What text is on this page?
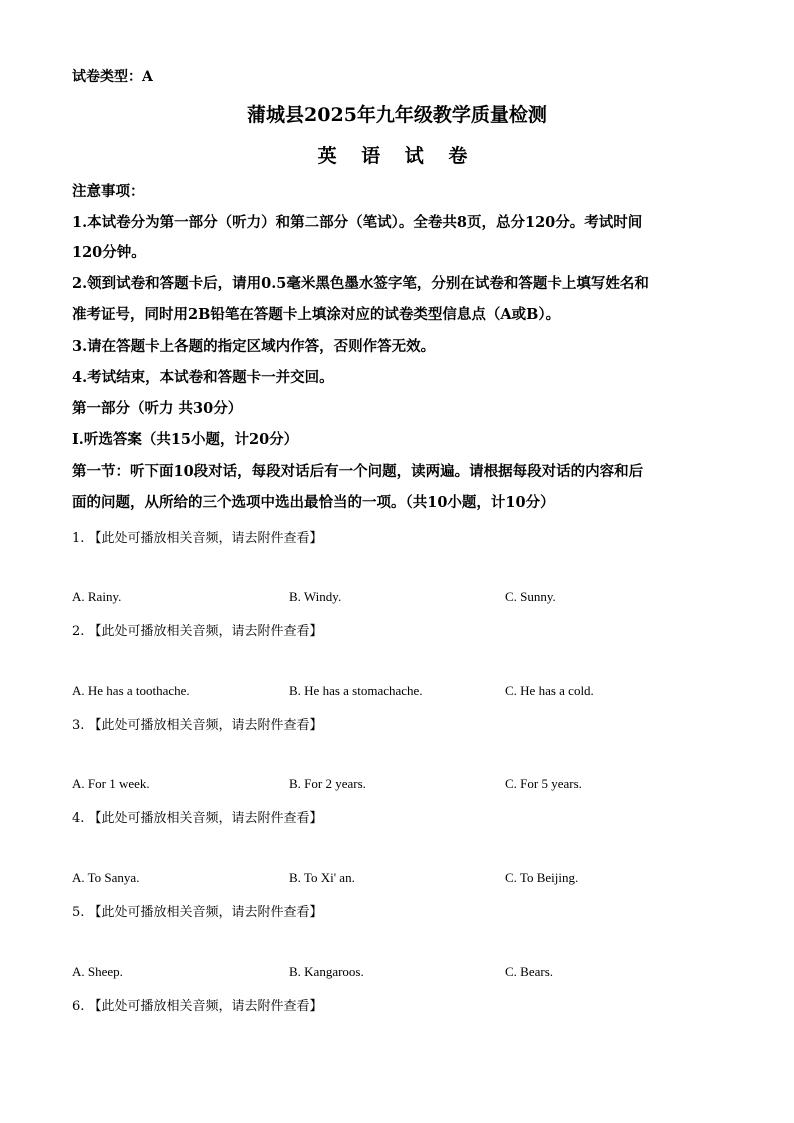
试卷类型：A
蒲城县2025年九年级教学质量检测
英 语 试 卷
注意事项：
1.本试卷分为第一部分（听力）和第二部分（笔试）。全卷共8页，总分120分。考试时间
120分钟。
2.领到试卷和答题卡后，请用0.5毫米黑色墨水签字笔，分别在试卷和答题卡上填写姓名和
准考证号，同时用2B铅笔在答题卡上填涂对应的试卷类型信息点（A或B）。
3.请在答题卡上各题的指定区域内作答，否则作答无效。
4.考试结束，本试卷和答题卡一并交回。
第一部分（听力 共30分）
Ⅰ.听选答案（共15小题，计20分）
第一节：听下面10段对话，每段对话后有一个问题，读两遍。请根据每段对话的内容和后
面的问题，从所给的三个选项中选出最恰当的一项。（共10小题，计10分）
1. 【此处可播放相关音频，请去附件查看】
A. Rainy.	B. Windy.	C. Sunny.
2. 【此处可播放相关音频，请去附件查看】
A. He has a toothache.	B. He has a stomachache.	C. He has a cold.
3. 【此处可播放相关音频，请去附件查看】
A. For 1 week.	B. For 2 years.	C. For 5 years.
4. 【此处可播放相关音频，请去附件查看】
A. To Sanya.	B. To Xi' an.	C. To Beijing.
5. 【此处可播放相关音频，请去附件查看】
A. Sheep.	B. Kangaroos.	C. Bears.
6. 【此处可播放相关音频，请去附件查看】
